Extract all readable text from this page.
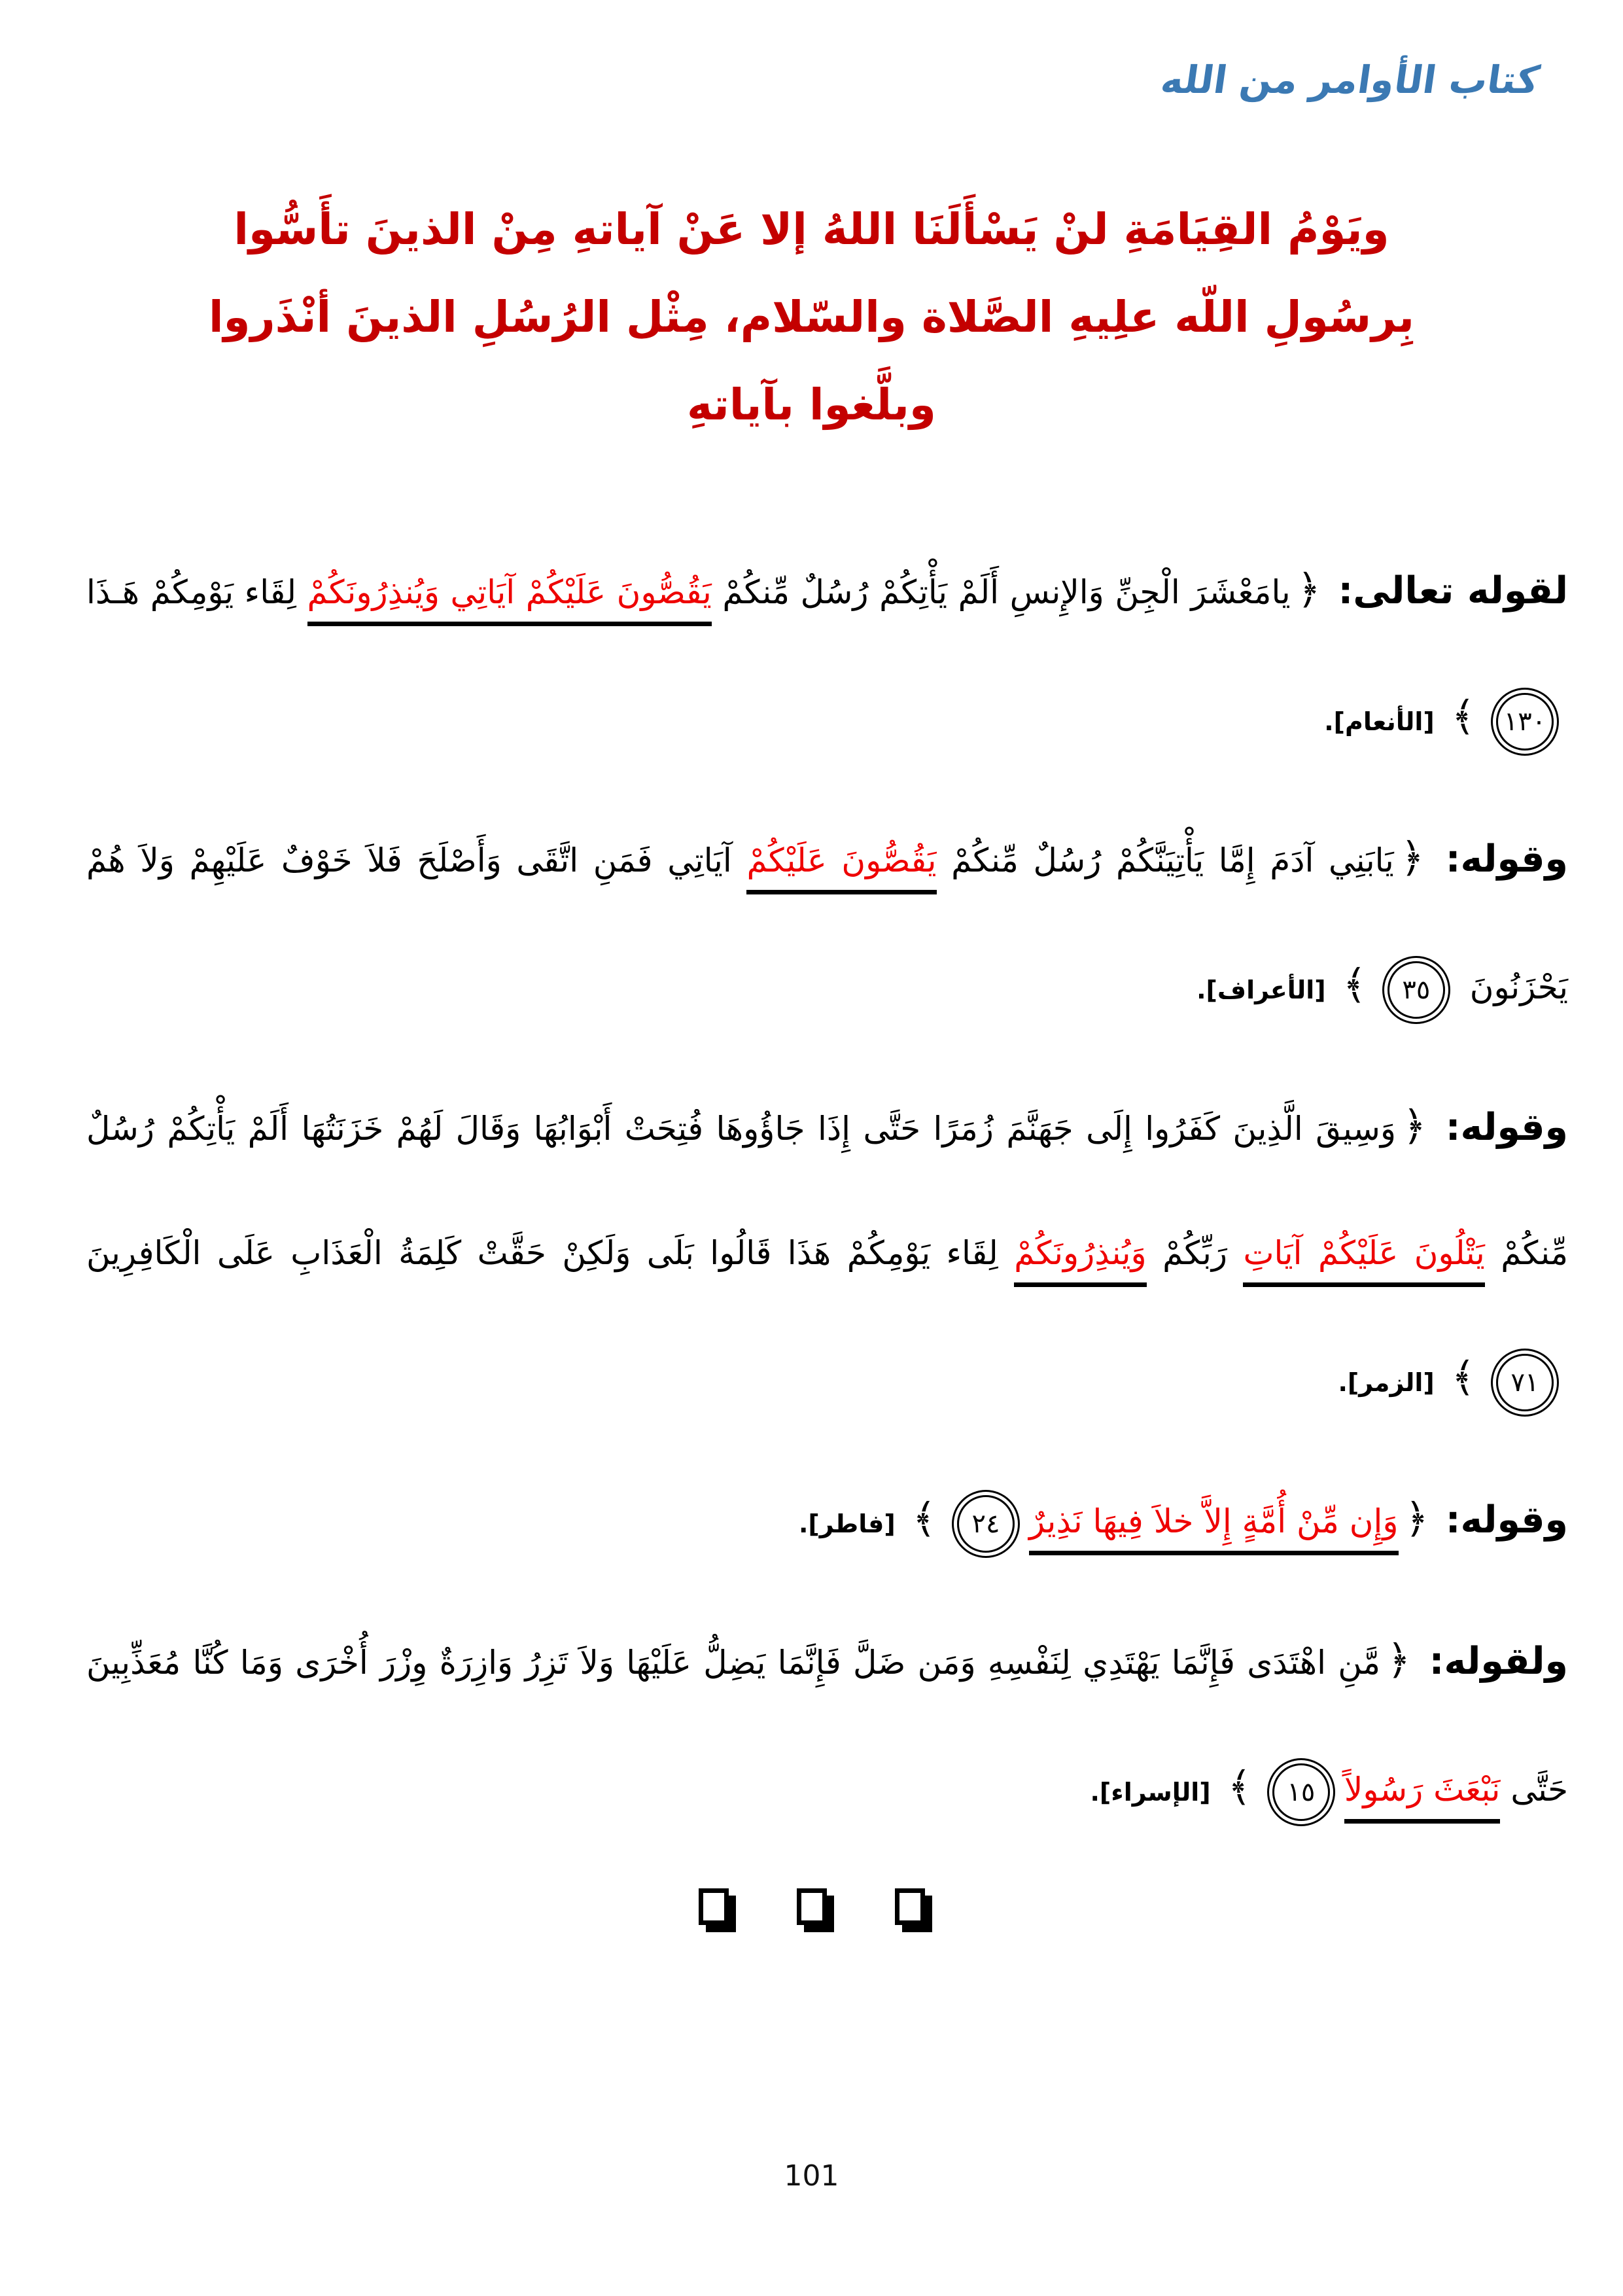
كتاب الأوامر من الله
ويَوْمُ القِيَامَةِ لنْ يَسْأَلَنَا اللهُ إلا عَنْ آياتهِ مِنْ الذينَ تأَسُّوا
بِرسُولِ اللّه علِيهِ الصَّلاة والسّلام، مِثْل الرُسُلِ الذينَ أنْذَروا
وبلَّغوا بآياتهِ

لقوله تعالى: ﴿يامَعْشَرَ الْجِنِّ وَالإِنسِ أَلَمْ يَأْتِكُمْ رُسُلٌ مِّنكُمْ يَقُصُّونَ عَلَيْكُمْ آيَاتِي وَيُنذِرُونَكُمْ لِقَاء يَوْمِكُمْ هَـذَا ١٣٠﴾ [الأنعام].

وقوله: ﴿يَابَنِي آدَمَ إِمَّا يَأْتِيَنَّكُمْ رُسُلٌ مِّنكُمْ يَقُصُّونَ عَلَيْكُمْ آيَاتِي فَمَنِ اتَّقَى وَأَصْلَحَ فَلاَ خَوْفٌ عَلَيْهِمْ وَلاَ هُمْ يَحْزَنُونَ ٣٥﴾ [الأعراف].

وقوله: ﴿وَسِيقَ الَّذِينَ كَفَرُوا إِلَى جَهَنَّمَ زُمَرًا حَتَّى إِذَا جَاؤُوهَا فُتِحَتْ أَبْوَابُهَا وَقَالَ لَهُمْ خَزَنَتُهَا أَلَمْ يَأْتِكُمْ رُسُلٌ مِّنكُمْ يَتْلُونَ عَلَيْكُمْ آيَاتِ رَبِّكُمْ وَيُنذِرُونَكُمْ لِقَاء يَوْمِكُمْ هَذَا قَالُوا بَلَى وَلَكِنْ حَقَّتْ كَلِمَةُ الْعَذَابِ عَلَى الْكَافِرِينَ ٧١﴾ [الزمر].

وقوله: ﴿وَإِن مِّنْ أُمَّةٍ إِلاَّ خلاَ فِيهَا نَذِيرٌ٢٤﴾ [فاطر].

ولقوله: ﴿مَّنِ اهْتَدَى فَإِنَّمَا يَهْتَدِي لِنَفْسِهِ وَمَن ضَلَّ فَإِنَّمَا يَضِلُّ عَلَيْهَا وَلاَ تَزِرُ وَازِرَةٌ وِزْرَ أُخْرَى وَمَا كُنَّا مُعَذِّبِينَ حَتَّى نَبْعَثَ رَسُولاً١٥﴾ [الإسراء].

101
